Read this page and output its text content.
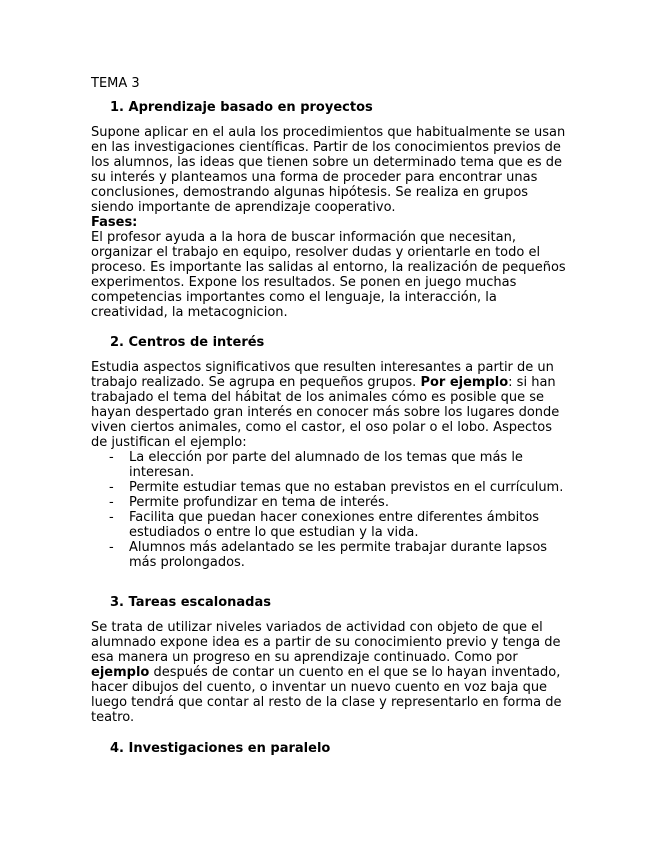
TEMA 3
1. Aprendizaje basado en proyectos

Supone aplicar en el aula los procedimientos que habitualmente se usan en las investigaciones científicas. Partir de los conocimientos previos de los alumnos, las ideas que tienen sobre un determinado tema que es de su interés y planteamos una forma de proceder para encontrar unas conclusiones, demostrando algunas hipótesis. Se realiza en grupos siendo importante de aprendizaje cooperativo.

Fases:

El profesor ayuda a la hora de buscar información que necesitan, organizar el trabajo en equipo, resolver dudas y orientarle en todo el proceso. Es importante las salidas al entorno, la realización de pequeños experimentos. Expone los resultados. Se ponen en juego muchas competencias importantes como el lenguaje, la interacción, la creatividad, la metacognicion.

2. Centros de interés

Estudia aspectos significativos que resulten interesantes a partir de un trabajo realizado. Se agrupa en pequeños grupos. Por ejemplo: si han trabajado el tema del hábitat de los animales cómo es posible que se hayan despertado gran interés en conocer más sobre los lugares donde viven ciertos animales, como el castor, el oso polar o el lobo. Aspectos de justifican el ejemplo:

- La elección por parte del alumnado de los temas que más le interesan.
- Permite estudiar temas que no estaban previstos en el currículum.
- Permite profundizar en tema de interés.
- Facilita que puedan hacer conexiones entre diferentes ámbitos estudiados o entre lo que estudian y la vida.
- Alumnos más adelantado se les permite trabajar durante lapsos más prolongados.
3. Tareas escalonadas

Se trata de utilizar niveles variados de actividad con objeto de que el alumnado expone idea es a partir de su conocimiento previo y tenga de esa manera un progreso en su aprendizaje continuado. Como por ejemplo después de contar un cuento en el que se lo hayan inventado, hacer dibujos del cuento, o inventar un nuevo cuento en voz baja que luego tendrá que contar al resto de la clase y representarlo en forma de teatro.

4. Investigaciones en paralelo
